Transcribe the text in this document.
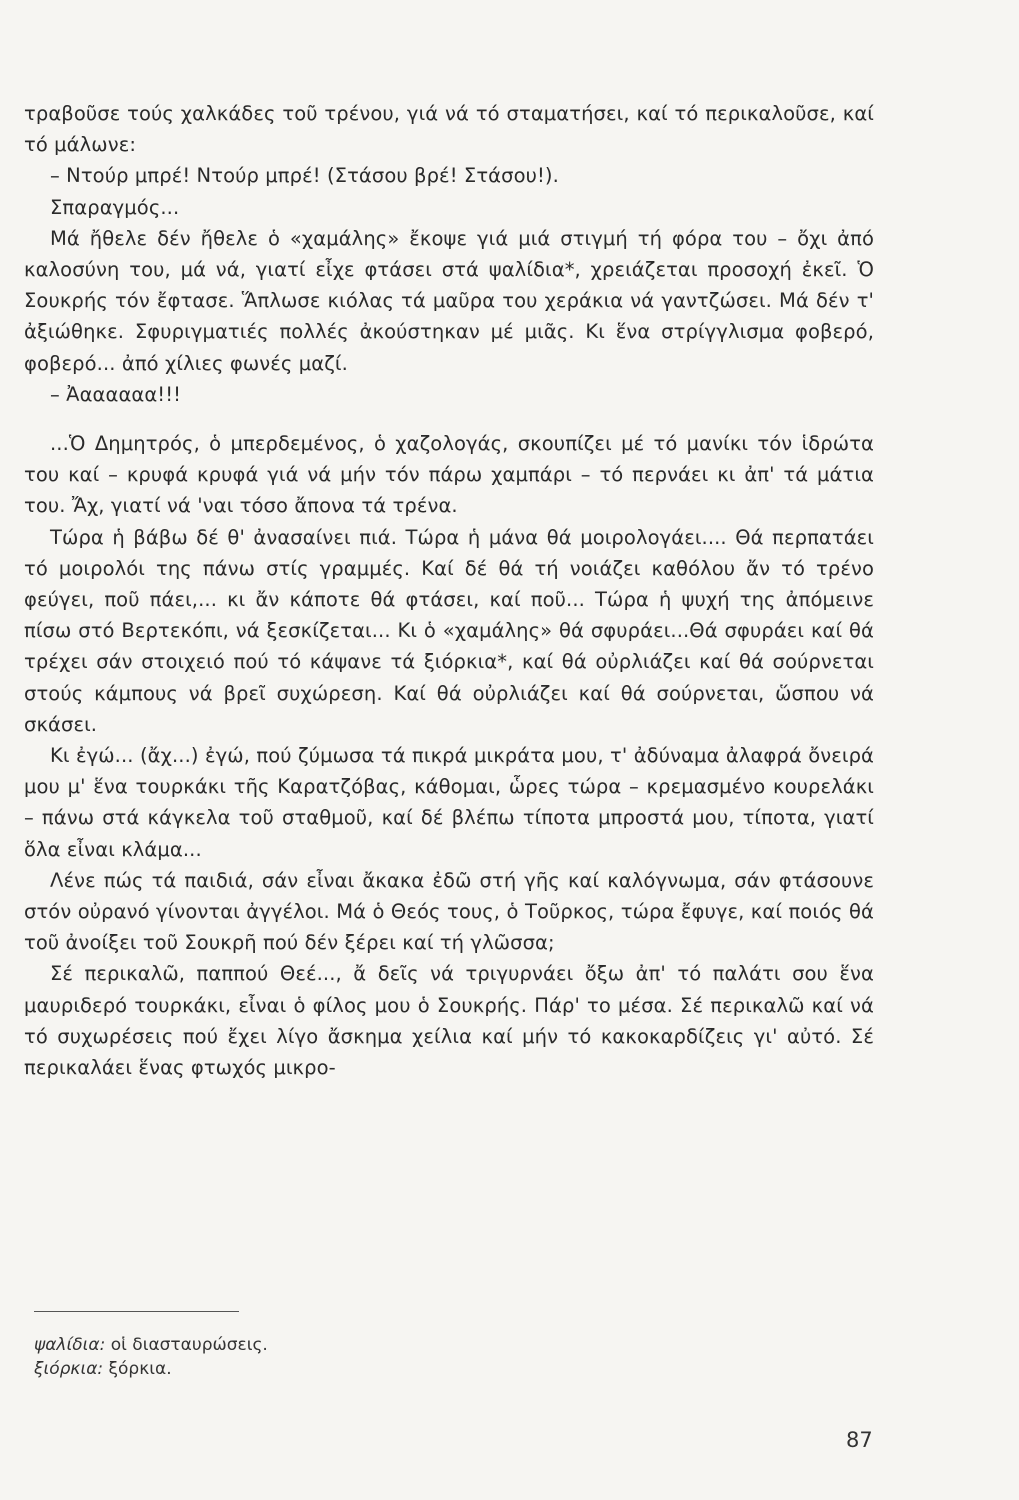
τραβοῦσε τούς χαλκάδες τοῦ τρένου, γιά νά τό σταματήσει, καί τό περικαλοῦσε, καί τό μάλωνε:

– Ντούρ μπρέ! Ντούρ μπρέ! (Στάσου βρέ! Στάσου!).

Σπαραγμός...

Μά ἤθελε δέν ἤθελε ὁ «χαμάλης» ἔκοψε γιά μιά στιγμή τή φόρα του – ὄχι ἀπό καλοσύνη του, μά νά, γιατί εἶχε φτάσει στά ψαλίδια*, χρειάζεται προσοχή ἐκεῖ. Ὁ Σουκρής τόν ἔφτασε. Ἅπλωσε κιόλας τά μαῦρα του χεράκια νά γαντζώσει. Μά δέν τ' ἀξιώθηκε. Σφυριγματιές πολλές ἀκούστηκαν μέ μιᾶς. Κι ἕνα στρίγγλισμα φοβερό, φοβερό... ἀπό χίλιες φωνές μαζί.

– Ἀαααααα!!!

...Ὁ Δημητρός, ὁ μπερδεμένος, ὁ χαζολογάς, σκουπίζει μέ τό μανίκι τόν ἱδρώτα του καί – κρυφά κρυφά γιά νά μήν τόν πάρω χαμπάρι – τό περνάει κι ἀπ' τά μάτια του. Ἄχ, γιατί νά 'ναι τόσο ἄπονα τά τρένα.

Τώρα ἡ βάβω δέ θ' ἀνασαίνει πιά. Τώρα ἡ μάνα θά μοιρολογάει.... Θά περπατάει τό μοιρολόι της πάνω στίς γραμμές. Καί δέ θά τή νοιάζει καθόλου ἄν τό τρένο φεύγει, ποῦ πάει,... κι ἄν κάποτε θά φτάσει, καί ποῦ... Τώρα ἡ ψυχή της ἀπόμεινε πίσω στό Βερτεκόπι, νά ξεσκίζεται... Κι ὁ «χαμάλης» θά σφυράει...Θά σφυράει καί θά τρέχει σάν στοιχειό πού τό κάψανε τά ξιόρκια*, καί θά οὐρλιάζει καί θά σούρνεται στούς κάμπους νά βρεῖ συχώρεση. Καί θά οὐρλιάζει καί θά σούρνεται, ὥσπου νά σκάσει.

Κι ἐγώ... (ἄχ...) ἐγώ, πού ζύμωσα τά πικρά μικράτα μου, τ' ἀδύναμα ἀλαφρά ὄνειρά μου μ' ἕνα τουρκάκι τῆς Καρατζόβας, κάθομαι, ὧρες τώρα – κρεμασμένο κουρελάκι – πάνω στά κάγκελα τοῦ σταθμοῦ, καί δέ βλέπω τίποτα μπροστά μου, τίποτα, γιατί ὅλα εἶναι κλάμα...

Λένε πώς τά παιδιά, σάν εἶναι ἄκακα ἐδῶ στή γῆς καί καλόγνωμα, σάν φτάσουνε στόν οὐρανό γίνονται ἀγγέλοι. Μά ὁ Θεός τους, ὁ Τοῦρκος, τώρα ἔφυγε, καί ποιός θά τοῦ ἀνοίξει τοῦ Σουκρῆ πού δέν ξέρει καί τή γλῶσσα;

Σέ περικαλῶ, παππού Θεέ..., ἄ δεῖς νά τριγυρνάει ὄξω ἀπ' τό παλάτι σου ἕνα μαυριδερό τουρκάκι, εἶναι ὁ φίλος μου ὁ Σουκρής. Πάρ' το μέσα. Σέ περικαλῶ καί νά τό συχωρέσεις πού ἔχει λίγο ἄσκημα χείλια καί μήν τό κακοκαρδίζεις γι' αὐτό. Σέ περικαλάει ἕνας φτωχός μικρο-

ψαλίδια: οἱ διασταυρώσεις.
ξιόρκια: ξόρκια.
87
